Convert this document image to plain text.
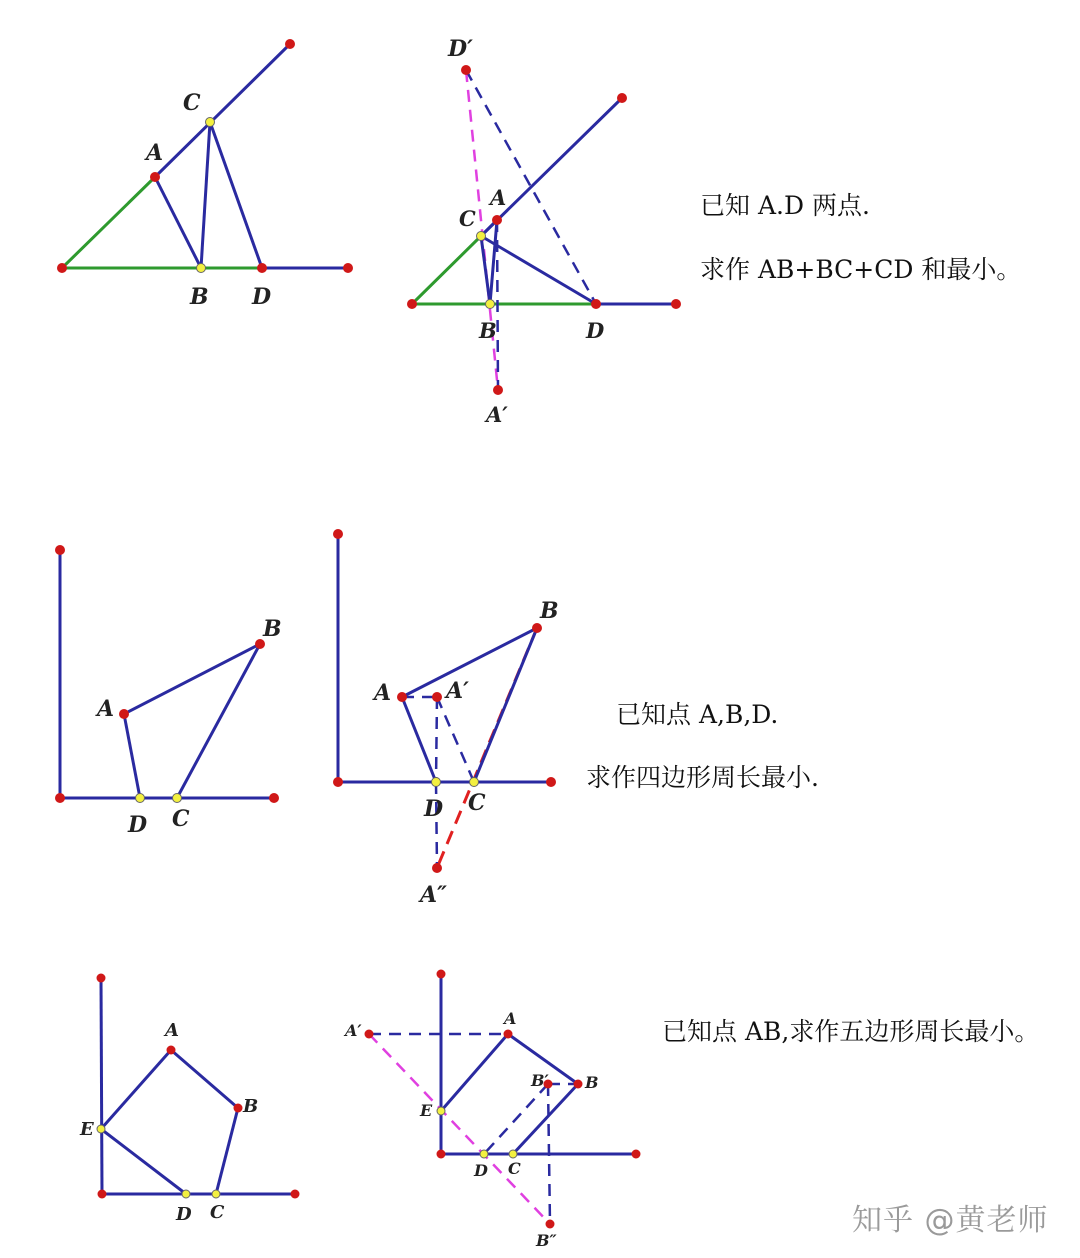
A
C
B D
D′
A
C
B	D
A′
已知 A.D 两点.
求作 AB+BC+CD 和最小。
A
B
D C
A A′
B
D C
A″
已知点 A,B,D.
求作四边形周长最小.
A
B
E
D C
A′
A
B′ B
E
D C
B″
已知点 AB,求作五边形周长最小。
知乎 @黄老师
